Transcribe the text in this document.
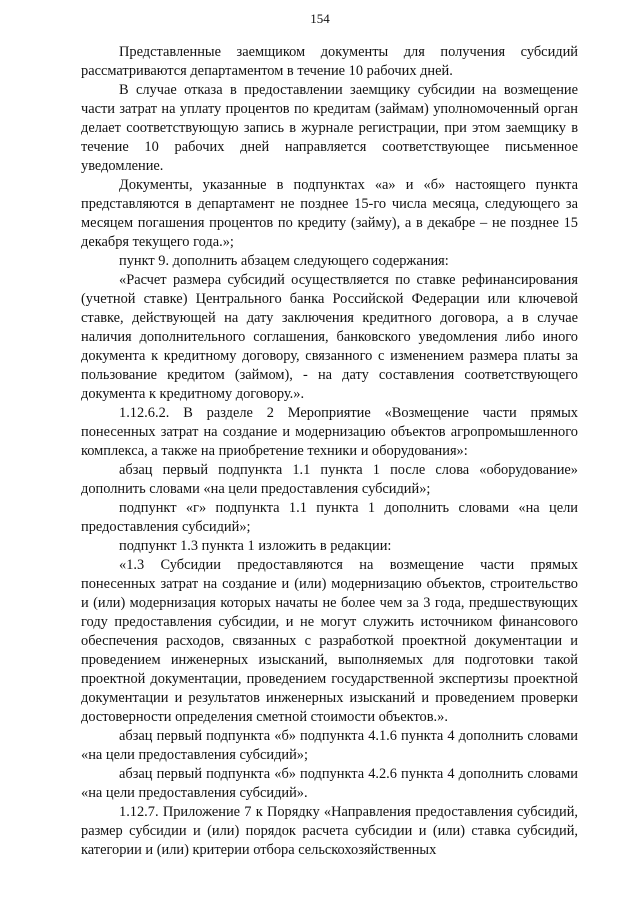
154

Представленные заемщиком документы для получения субсидий рассматриваются департаментом в течение 10 рабочих дней.

В случае отказа в предоставлении заемщику субсидии на возмещение части затрат на уплату процентов по кредитам (займам) уполномоченный орган делает соответствующую запись в журнале регистрации, при этом заемщику в течение 10 рабочих дней направляется соответствующее письменное уведомление.

Документы, указанные в подпунктах «а» и «б» настоящего пункта представляются в департамент не позднее 15-го числа месяца, следующего за месяцем погашения процентов по кредиту (займу), а в декабре – не позднее 15 декабря текущего года.»;

пункт 9. дополнить абзацем следующего содержания:

«Расчет размера субсидий осуществляется по ставке рефинансирования (учетной ставке) Центрального банка Российской Федерации или ключевой ставке, действующей на дату заключения кредитного договора, а в случае наличия дополнительного соглашения, банковского уведомления либо иного документа к кредитному договору, связанного с изменением размера платы за пользование кредитом (займом), - на дату составления соответствующего документа к кредитному договору.».

1.12.6.2. В разделе 2 Мероприятие «Возмещение части прямых понесенных затрат на создание и модернизацию объектов агропромышленного комплекса, а также на приобретение техники и оборудования»:

абзац первый подпункта 1.1 пункта 1 после слова «оборудование» дополнить словами «на цели предоставления субсидий»;

подпункт «г» подпункта 1.1 пункта 1 дополнить словами «на цели предоставления субсидий»;

подпункт 1.3 пункта 1 изложить в редакции:

«1.3 Субсидии предоставляются на возмещение части прямых понесенных затрат на создание и (или) модернизацию объектов, строительство и (или) модернизация которых начаты не более чем за 3 года, предшествующих году предоставления субсидии, и не могут служить источником финансового обеспечения расходов, связанных с разработкой проектной документации и проведением инженерных изысканий, выполняемых для подготовки такой проектной документации, проведением государственной экспертизы проектной документации и результатов инженерных изысканий и проведением проверки достоверности определения сметной стоимости объектов.».

абзац первый подпункта «б» подпункта 4.1.6 пункта 4 дополнить словами «на цели предоставления субсидий»;

абзац первый подпункта «б» подпункта 4.2.6 пункта 4 дополнить словами «на цели предоставления субсидий».

1.12.7. Приложение 7 к Порядку «Направления предоставления субсидий, размер субсидии и (или) порядок расчета субсидии и (или) ставка субсидий, категории и (или) критерии отбора сельскохозяйственных
